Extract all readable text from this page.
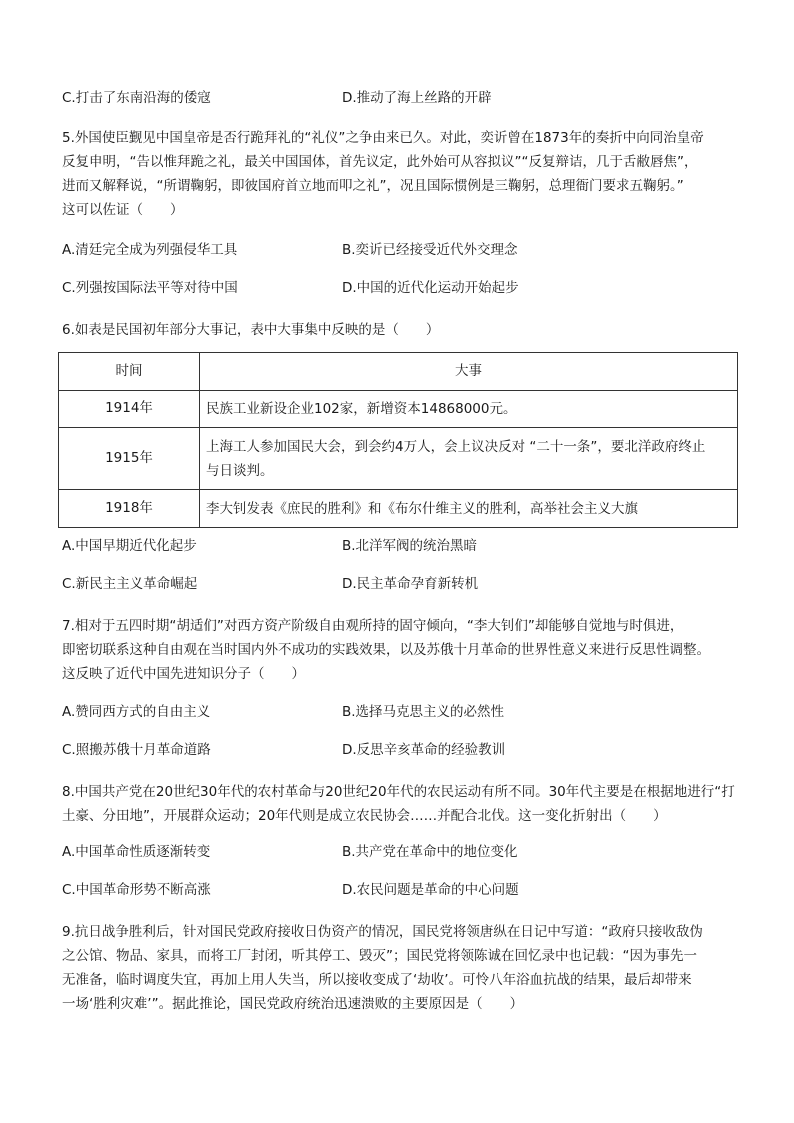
C.打击了东南沿海的倭寇	D.推动了海上丝路的开辟
5.外国使臣觐见中国皇帝是否行跪拜礼的“礼仪”之争由来已久。对此，奕䜣曾在1873年的奏折中向同治皇帝
反复申明，“告以惟拜跪之礼，最关中国国体，首先议定，此外始可从容拟议”“反复辩诘，几于舌敝唇焦”，
进而又解释说，“所谓鞠躬，即彼国府首立地而叩之礼”，况且国际惯例是三鞠躬，总理衙门要求五鞠躬。”
这可以佐证（　　）
A.清廷完全成为列强侵华工具	B.奕䜣已经接受近代外交理念
C.列强按国际法平等对待中国	D.中国的近代化运动开始起步
6.如表是民国初年部分大事记，表中大事集中反映的是（　　）
时间	大事
1914年	民族工业新设企业102家，新增资本14868000元。

1915年	上海工人参加国民大会，到会约4万人，会上议决反对 “二十一条”，要北洋政府终止
与日谈判。

1918年	李大钊发表《庶民的胜利》和《布尔什维主义的胜利，高举社会主义大旗
A.中国早期近代化起步	B.北洋军阀的统治黑暗
C.新民主主义革命崛起	D.民主革命孕育新转机
7.相对于五四时期“胡适们”对西方资产阶级自由观所持的固守倾向，“李大钊们”却能够自觉地与时俱进，
即密切联系这种自由观在当时国内外不成功的实践效果，以及苏俄十月革命的世界性意义来进行反思性调整。
这反映了近代中国先进知识分子（　　）
A.赞同西方式的自由主义	B.选择马克思主义的必然性
C.照搬苏俄十月革命道路	D.反思辛亥革命的经验教训
8.中国共产党在20世纪30年代的农村革命与20世纪20年代的农民运动有所不同。30年代主要是在根据地进行“打
土豪、分田地”，开展群众运动；20年代则是成立农民协会……并配合北伐。这一变化折射出（　　）
A.中国革命性质逐渐转变	B.共产党在革命中的地位变化
C.中国革命形势不断高涨	D.农民问题是革命的中心问题
9.抗日战争胜利后，针对国民党政府接收日伪资产的情况，国民党将领唐纵在日记中写道：“政府只接收敌伪
之公馆、物品、家具，而将工厂封闭，听其停工、毁灭”；国民党将领陈诚在回忆录中也记载：“因为事先一
无准备，临时调度失宜，再加上用人失当，所以接收变成了‘劫收’。可怜八年浴血抗战的结果，最后却带来
一场‘胜利灾难’”。据此推论，国民党政府统治迅速溃败的主要原因是（　　）
